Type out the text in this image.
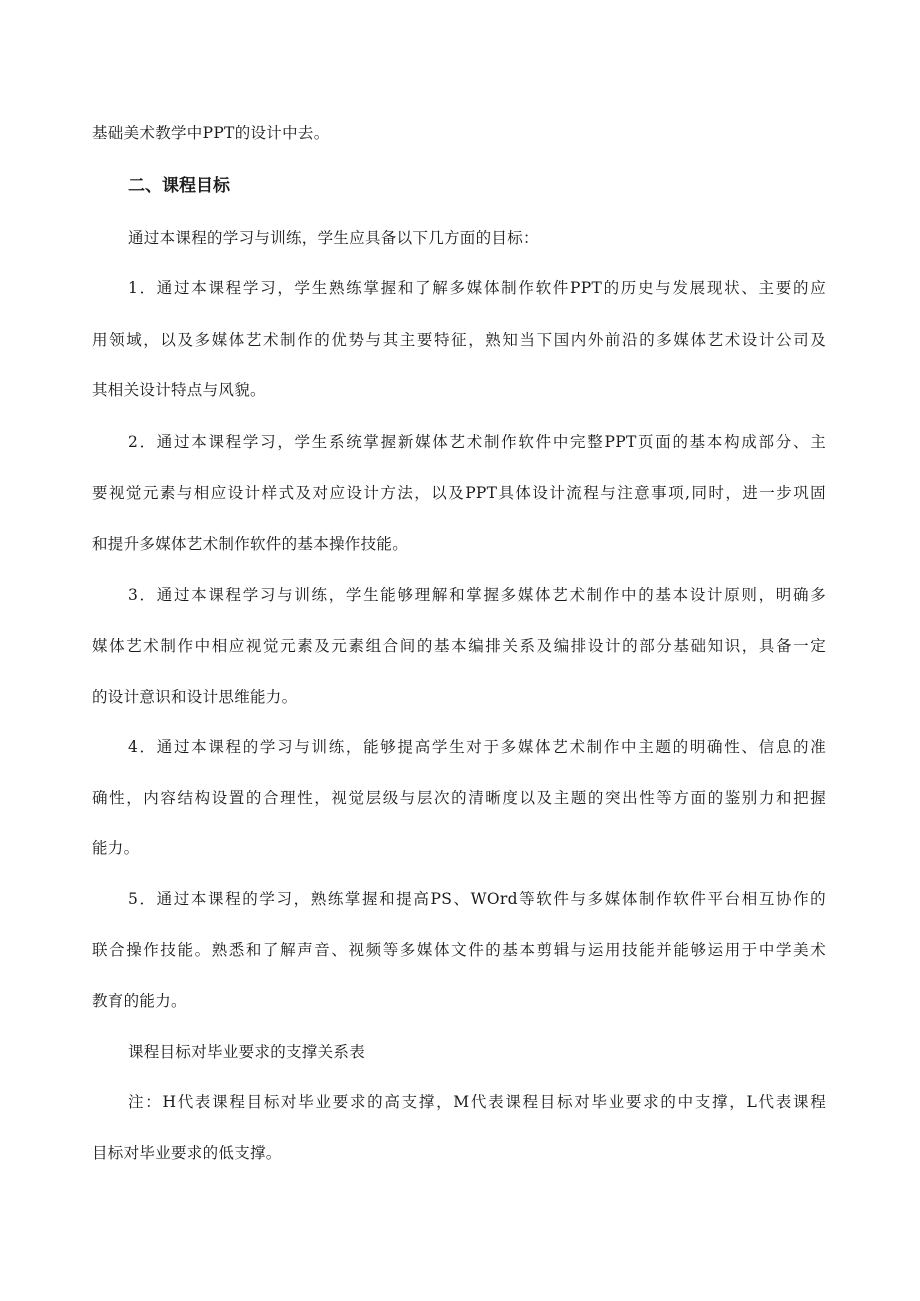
基础美术教学中PPT的设计中去。

二、课程目标

通过本课程的学习与训练，学生应具备以下几方面的目标：

1．通过本课程学习，学生熟练掌握和了解多媒体制作软件PPT的历史与发展现状、主要的应

用领域，以及多媒体艺术制作的优势与其主要特征，熟知当下国内外前沿的多媒体艺术设计公司及

其相关设计特点与风貌。

2．通过本课程学习，学生系统掌握新媒体艺术制作软件中完整PPT页面的基本构成部分、主

要视觉元素与相应设计样式及对应设计方法，以及PPT具体设计流程与注意事项,同时，进一步巩固

和提升多媒体艺术制作软件的基本操作技能。

3．通过本课程学习与训练，学生能够理解和掌握多媒体艺术制作中的基本设计原则，明确多

媒体艺术制作中相应视觉元素及元素组合间的基本编排关系及编排设计的部分基础知识，具备一定

的设计意识和设计思维能力。

4．通过本课程的学习与训练，能够提高学生对于多媒体艺术制作中主题的明确性、信息的准

确性，内容结构设置的合理性，视觉层级与层次的清晰度以及主题的突出性等方面的鉴别力和把握

能力。

5．通过本课程的学习，熟练掌握和提高PS、WOrd等软件与多媒体制作软件平台相互协作的

联合操作技能。熟悉和了解声音、视频等多媒体文件的基本剪辑与运用技能并能够运用于中学美术

教育的能力。

课程目标对毕业要求的支撑关系表

注：H代表课程目标对毕业要求的高支撑，M代表课程目标对毕业要求的中支撑，L代表课程

目标对毕业要求的低支撑。
